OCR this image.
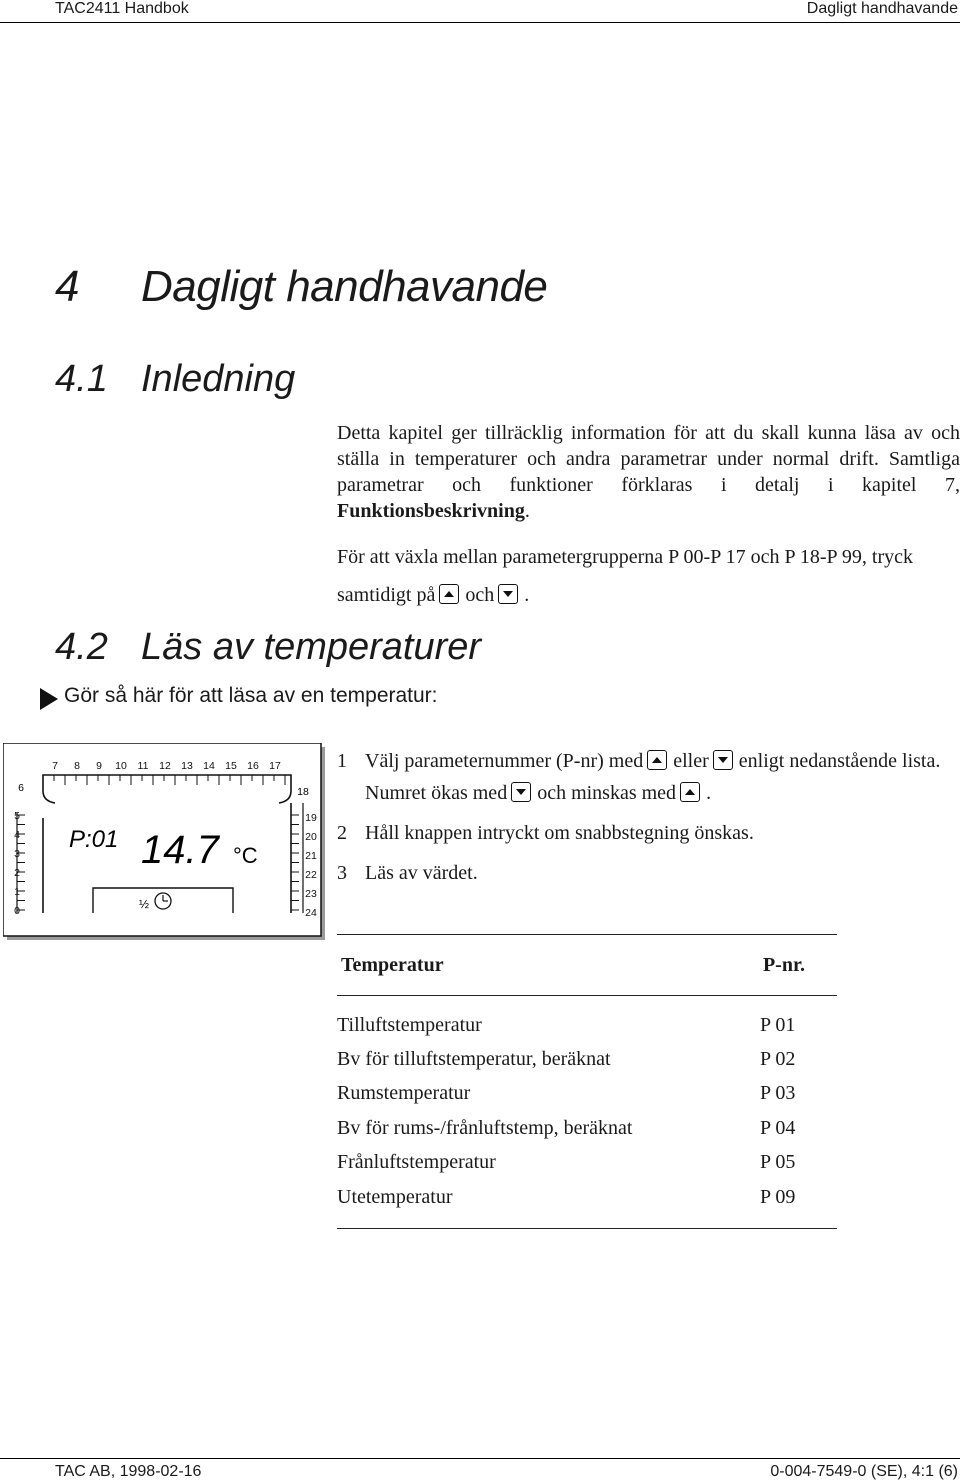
TAC2411 Handbok	Dagligt handhavande
4 Dagligt handhavande
4.1 Inledning
Detta kapitel ger tillräcklig information för att du skall kunna läsa av och ställa in temperaturer och andra parametrar under normal drift. Samtliga parametrar och funktioner förklaras i detalj i kapitel 7, Funktionsbeskrivning.
För att växla mellan parametergrupperna P 00-P 17 och P 18-P 99, tryck samtidigt på och .
4.2 Läs av temperaturer
Gör så här för att läsa av en temperatur:
7 8 9 10 11 12 13 14 15 16 17
5
4
3
2
1
0
19
20
21
22
23
24
6	18
P:01 14.7 °C
½
1 Välj parameternummer (P-nr) med eller enligt nedanstående lista. Numret ökas med och minskas med .
2 Håll knappen intryckt om snabbstegning önskas.
3 Läs av värdet.
Temperatur	P-nr.
Tilluftstemperatur	P 01
Bv för tilluftstemperatur, beräknat	P 02
Rumstemperatur	P 03
Bv för rums-/frånluftstemp, beräknat	P 04
Frånluftstemperatur	P 05
Utetemperatur	P 09
TAC AB, 1998-02-16	0-004-7549-0 (SE), 4:1 (6)
